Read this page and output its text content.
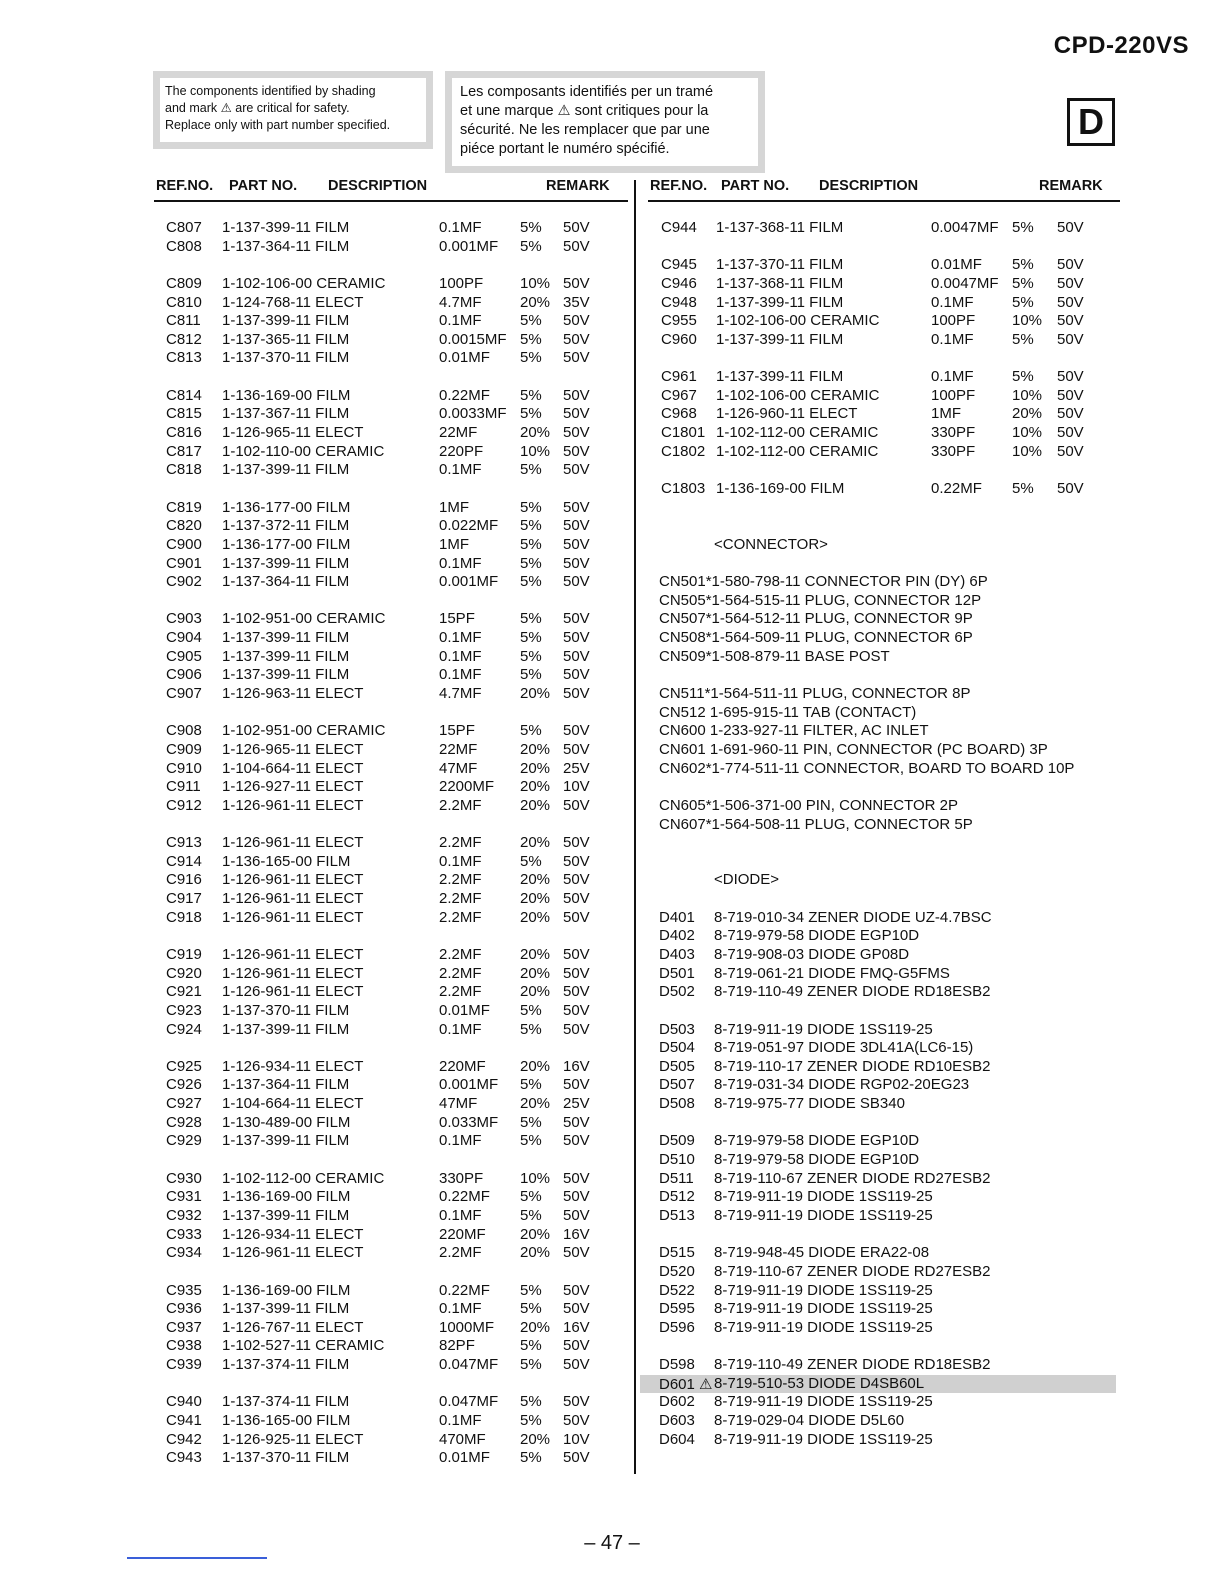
CPD-220VS
The components identified by shading
and mark ⚠ are critical for safety.
Replace only with part number specified.
Les composants identifiés per un tramé
et une marque ⚠ sont critiques pour la
sécurité. Ne les remplacer que par une
piéce portant le numéro spécifié.
D
REF.NO. PART NO. DESCRIPTION	REMARK	REF.NO. PART NO. DESCRIPTION	REMARK
C807 1-137-399-11 FILM	0.1MF	5% 50V
C808 1-137-364-11 FILM	0.001MF 5% 50V
C809 1-102-106-00 CERAMIC	100PF 10% 50V
C810 1-124-768-11 ELECT	4.7MF	20% 35V
C811 1-137-399-11 FILM	0.1MF	5% 50V
C812 1-137-365-11 FILM	0.0015MF 5% 50V
C813 1-137-370-11 FILM	0.01MF 5% 50V
C814 1-136-169-00 FILM	0.22MF 5% 50V
C815 1-137-367-11 FILM	0.0033MF 5% 50V
C816 1-126-965-11 ELECT	22MF	20% 50V
C817 1-102-110-00 CERAMIC	220PF 10% 50V
C818 1-137-399-11 FILM	0.1MF	5% 50V
C819 1-136-177-00 FILM	1MF	5% 50V
C820 1-137-372-11 FILM	0.022MF 5% 50V
C900 1-136-177-00 FILM	1MF	5% 50V
C901 1-137-399-11 FILM	0.1MF	5% 50V
C902 1-137-364-11 FILM	0.001MF 5% 50V
C903 1-102-951-00 CERAMIC	15PF	5% 50V
C904 1-137-399-11 FILM	0.1MF	5% 50V
C905 1-137-399-11 FILM	0.1MF	5% 50V
C906 1-137-399-11 FILM	0.1MF	5% 50V
C907 1-126-963-11 ELECT	4.7MF	20% 50V
C908 1-102-951-00 CERAMIC	15PF	5% 50V
C909 1-126-965-11 ELECT	22MF	20% 50V
C910 1-104-664-11 ELECT	47MF	20% 25V
C911 1-126-927-11 ELECT	2200MF 20% 10V
C912 1-126-961-11 ELECT	2.2MF	20% 50V
C913 1-126-961-11 ELECT	2.2MF	20% 50V
C914 1-136-165-00 FILM	0.1MF	5% 50V
C916 1-126-961-11 ELECT	2.2MF	20% 50V
C917 1-126-961-11 ELECT	2.2MF	20% 50V
C918 1-126-961-11 ELECT	2.2MF	20% 50V
C919 1-126-961-11 ELECT	2.2MF	20% 50V
C920 1-126-961-11 ELECT	2.2MF	20% 50V
C921 1-126-961-11 ELECT	2.2MF	20% 50V
C923 1-137-370-11 FILM	0.01MF 5% 50V
C924 1-137-399-11 FILM	0.1MF	5% 50V
C925 1-126-934-11 ELECT	220MF 20% 16V
C926 1-137-364-11 FILM	0.001MF 5% 50V
C927 1-104-664-11 ELECT	47MF	20% 25V
C928 1-130-489-00 FILM	0.033MF 5% 50V
C929 1-137-399-11 FILM	0.1MF	5% 50V
C930 1-102-112-00 CERAMIC	330PF 10% 50V
C931 1-136-169-00 FILM	0.22MF 5% 50V
C932 1-137-399-11 FILM	0.1MF	5% 50V
C933 1-126-934-11 ELECT	220MF 20% 16V
C934 1-126-961-11 ELECT	2.2MF	20% 50V
C935 1-136-169-00 FILM	0.22MF 5% 50V
C936 1-137-399-11 FILM	0.1MF	5% 50V
C937 1-126-767-11 ELECT	1000MF 20% 16V
C938 1-102-527-11 CERAMIC	82PF	5% 50V
C939 1-137-374-11 FILM	0.047MF 5% 50V
C940 1-137-374-11 FILM	0.047MF 5% 50V
C941 1-136-165-00 FILM	0.1MF	5% 50V
C942 1-126-925-11 ELECT	470MF 20% 10V
C943 1-137-370-11 FILM	0.01MF 5% 50V
C944 1-137-368-11 FILM	0.0047MF 5% 50V
C945 1-137-370-11 FILM	0.01MF 5% 50V
C946 1-137-368-11 FILM	0.0047MF 5% 50V
C948 1-137-399-11 FILM	0.1MF	5% 50V
C955 1-102-106-00 CERAMIC	100PF 10% 50V
C960 1-137-399-11 FILM	0.1MF	5% 50V
C961 1-137-399-11 FILM	0.1MF	5% 50V
C967 1-102-106-00 CERAMIC	100PF 10% 50V
C968 1-126-960-11 ELECT	1MF	20% 50V
C1801 1-102-112-00 CERAMIC	330PF 10% 50V
C1802 1-102-112-00 CERAMIC	330PF 10% 50V
C1803 1-136-169-00 FILM	0.22MF 5% 50V
<CONNECTOR>
CN501*1-580-798-11 CONNECTOR PIN (DY) 6P
CN505*1-564-515-11 PLUG, CONNECTOR 12P
CN507*1-564-512-11 PLUG, CONNECTOR 9P
CN508*1-564-509-11 PLUG, CONNECTOR 6P
CN509*1-508-879-11 BASE POST
CN511*1-564-511-11 PLUG, CONNECTOR 8P
CN512 1-695-915-11 TAB (CONTACT)
CN600 1-233-927-11 FILTER, AC INLET
CN601 1-691-960-11 PIN, CONNECTOR (PC BOARD) 3P
CN602*1-774-511-11 CONNECTOR, BOARD TO BOARD 10P
CN605*1-506-371-00 PIN, CONNECTOR 2P
CN607*1-564-508-11 PLUG, CONNECTOR 5P
<DIODE>
D401 8-719-010-34 ZENER DIODE UZ-4.7BSC
D402 8-719-979-58 DIODE EGP10D
D403 8-719-908-03 DIODE GP08D
D501 8-719-061-21 DIODE FMQ-G5FMS
D502 8-719-110-49 ZENER DIODE RD18ESB2
D503 8-719-911-19 DIODE 1SS119-25
D504 8-719-051-97 DIODE 3DL41A(LC6-15)
D505 8-719-110-17 ZENER DIODE RD10ESB2
D507 8-719-031-34 DIODE RGP02-20EG23
D508 8-719-975-77 DIODE SB340
D509 8-719-979-58 DIODE EGP10D
D510 8-719-979-58 DIODE EGP10D
D511 8-719-110-67 ZENER DIODE RD27ESB2
D512 8-719-911-19 DIODE 1SS119-25
D513 8-719-911-19 DIODE 1SS119-25
D515 8-719-948-45 DIODE ERA22-08
D520 8-719-110-67 ZENER DIODE RD27ESB2
D522 8-719-911-19 DIODE 1SS119-25
D595 8-719-911-19 DIODE 1SS119-25
D596 8-719-911-19 DIODE 1SS119-25
D598 8-719-110-49 ZENER DIODE RD18ESB2
D601 ⚠ 8-719-510-53 DIODE D4SB60L
D602 8-719-911-19 DIODE 1SS119-25
D603 8-719-029-04 DIODE D5L60
D604 8-719-911-19 DIODE 1SS119-25
– 47 –
